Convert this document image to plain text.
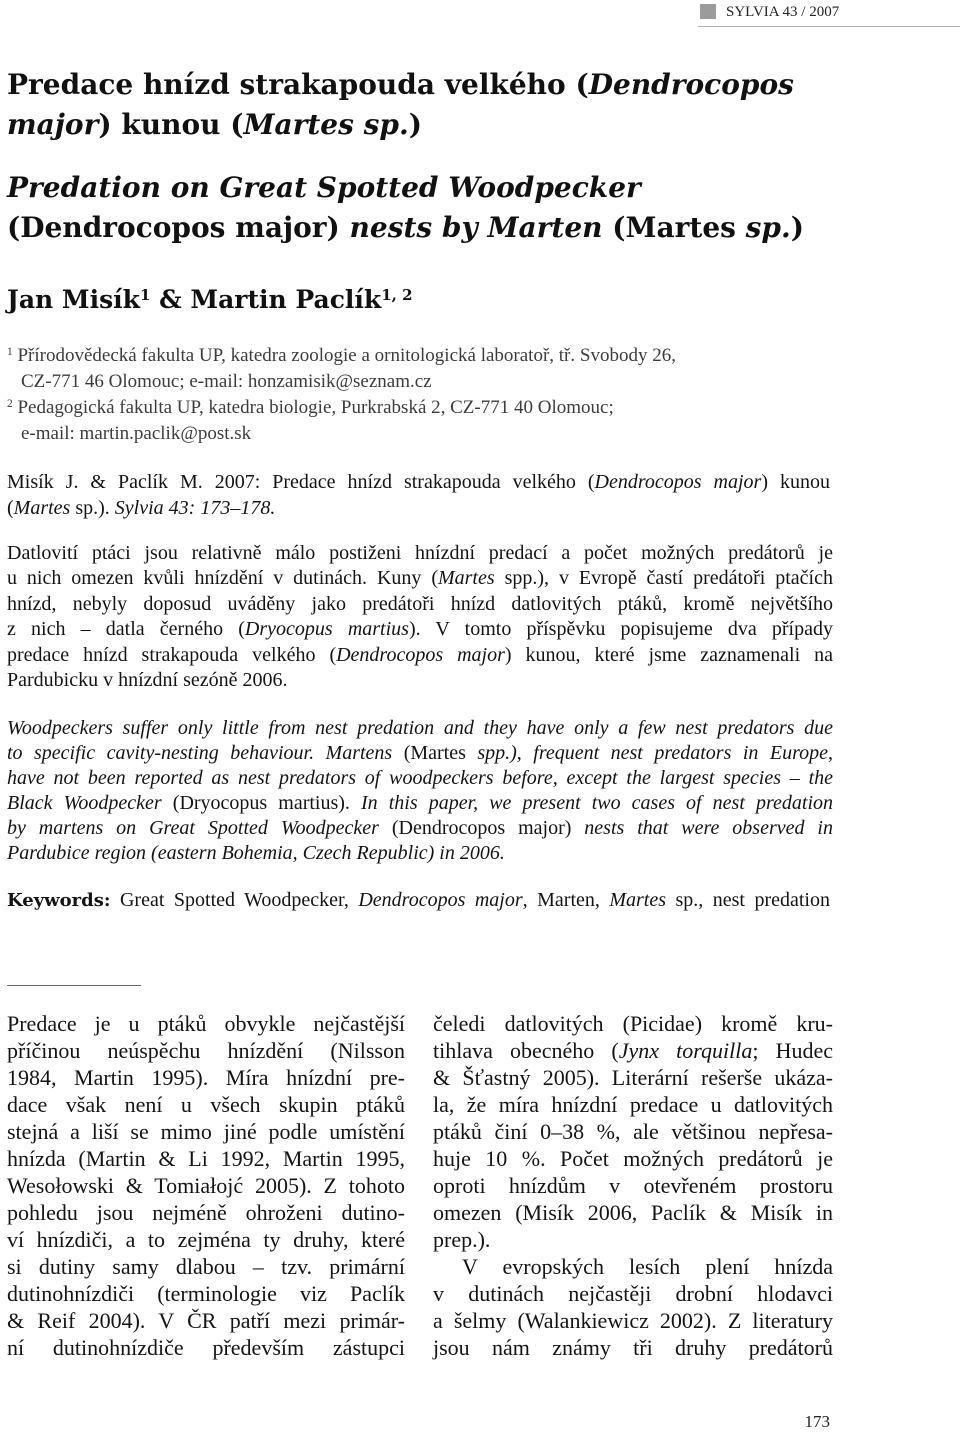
SYLVIA 43 / 2007
Predace hnízd strakapouda velkého (Dendrocopos
major) kunou (Martes sp.)
Predation on Great Spotted Woodpecker
(Dendrocopos major) nests by Marten (Martes sp.)
Jan Misík$^1$ & Martin Paclík$^{1, 2}$
$^1$ Přírodovědecká fakulta UP, katedra zoologie a ornitologická laboratoř, tř. Svobody 26,
CZ-771 46 Olomouc; e-mail: honzamisik@seznam.cz
$^2$ Pedagogická fakulta UP, katedra biologie, Purkrabská 2, CZ-771 40 Olomouc;
e-mail: martin.paclik@post.sk
Misík J. & Paclík M. 2007: Predace hnízd strakapouda velkého (Dendrocopos major) kunou
(Martes sp.). Sylvia 43: 173–178.
Datlovití ptáci jsou relativně málo postiženi hnízdní predací a počet možných predátorů je
u nich omezen kvůli hnízdění v dutinách. Kuny (Martes spp.), v Evropě častí predátoři ptačích
hnízd, nebyly doposud uváděny jako predátoři hnízd datlovitých ptáků, kromě největšího
z nich – datla černého (Dryocopus martius). V tomto příspěvku popisujeme dva případy
predace hnízd strakapouda velkého (Dendrocopos major) kunou, které jsme zaznamenali na
Pardubicku v hnízdní sezóně 2006.
Woodpeckers suffer only little from nest predation and they have only a few nest predators due
to specific cavity-nesting behaviour. Martens (Martes spp.), frequent nest predators in Europe,
have not been reported as nest predators of woodpeckers before, except the largest species – the
Black Woodpecker (Dryocopus martius). In this paper, we present two cases of nest predation
by martens on Great Spotted Woodpecker (Dendrocopos major) nests that were observed in
Pardubice region (eastern Bohemia, Czech Republic) in 2006.
Keywords: Great Spotted Woodpecker, Dendrocopos major, Marten, Martes sp., nest predation
Predace je u ptáků obvykle nejčastější
příčinou neúspěchu hnízdění (Nilsson
1984, Martin 1995). Míra hnízdní pre-
dace však není u všech skupin ptáků
stejná a liší se mimo jiné podle umístění
hnízda (Martin & Li 1992, Martin 1995,
Wesołowski & Tomiałojć 2005). Z tohoto
pohledu jsou nejméně ohroženi dutino-
ví hnízdiči, a to zejména ty druhy, které
si dutiny samy dlabou – tzv. primární
dutinohnízdiči (terminologie viz Paclík
& Reif 2004). V ČR patří mezi primár-
ní dutinohnízdiče především zástupci
čeledi datlovitých (Picidae) kromě kru-
tihlava obecného (Jynx torquilla; Hudec
& Šťastný 2005). Literární rešerše ukáza-
la, že míra hnízdní predace u datlovitých
ptáků činí 0–38 %, ale většinou nepřesa-
huje 10 %. Počet možných predátorů je
oproti hnízdům v otevřeném prostoru
omezen (Misík 2006, Paclík & Misík in
prep.).
V evropských lesích plení hnízda
v dutinách nejčastěji drobní hlodavci
a šelmy (Walankiewicz 2002). Z literatury
jsou nám známy tři druhy predátorů
173
